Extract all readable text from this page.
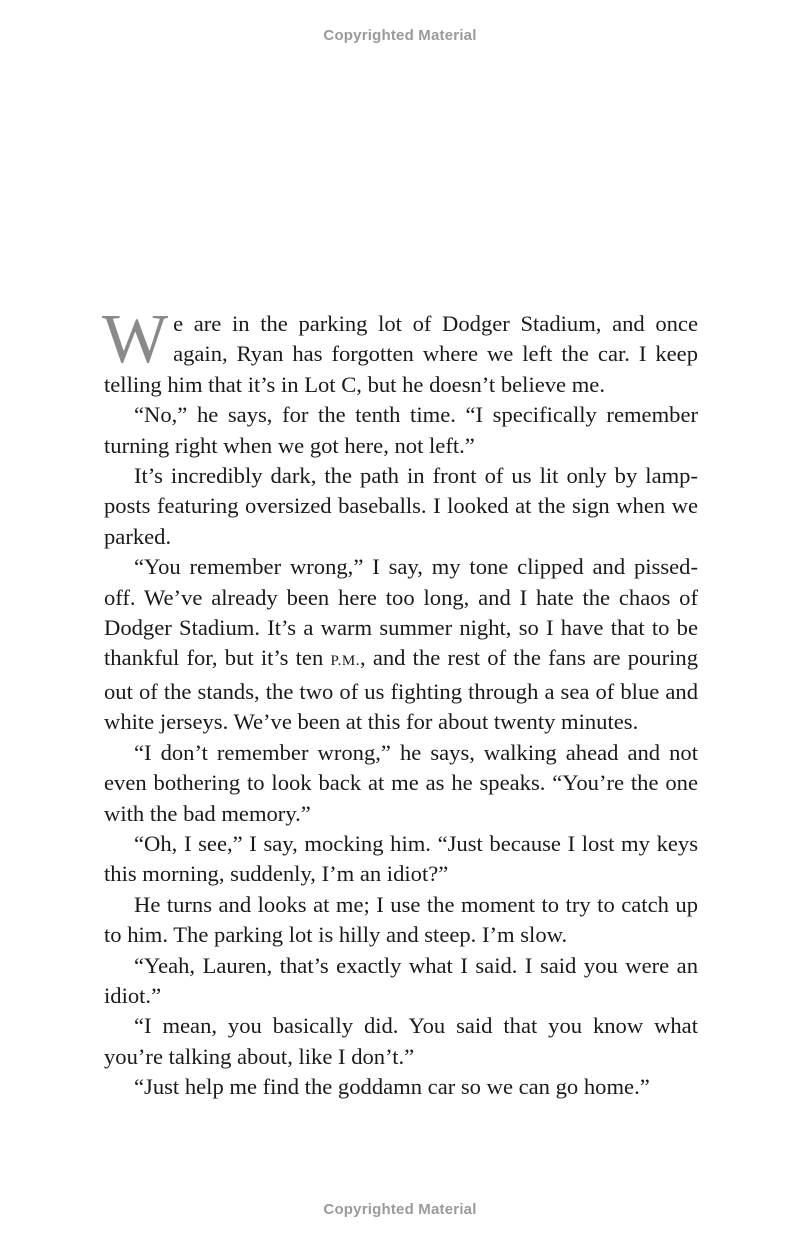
Copyrighted Material

We are in the parking lot of Dodger Stadium, and once again, Ryan has forgotten where we left the car. I keep telling him that it’s in Lot C, but he doesn’t believe me.

“No,” he says, for the tenth time. “I specifically remember turning right when we got here, not left.”

It’s incredibly dark, the path in front of us lit only by lamp-posts featuring oversized baseballs. I looked at the sign when we parked.

“You remember wrong,” I say, my tone clipped and pissed-off. We’ve already been here too long, and I hate the chaos of Dodger Stadium. It’s a warm summer night, so I have that to be thankful for, but it’s ten P.M., and the rest of the fans are pouring out of the stands, the two of us fighting through a sea of blue and white jerseys. We’ve been at this for about twenty minutes.

“I don’t remember wrong,” he says, walking ahead and not even bothering to look back at me as he speaks. “You’re the one with the bad memory.”

“Oh, I see,” I say, mocking him. “Just because I lost my keys this morning, suddenly, I’m an idiot?”

He turns and looks at me; I use the moment to try to catch up to him. The parking lot is hilly and steep. I’m slow.

“Yeah, Lauren, that’s exactly what I said. I said you were an idiot.”

“I mean, you basically did. You said that you know what you’re talking about, like I don’t.”

“Just help me find the goddamn car so we can go home.”

Copyrighted Material
